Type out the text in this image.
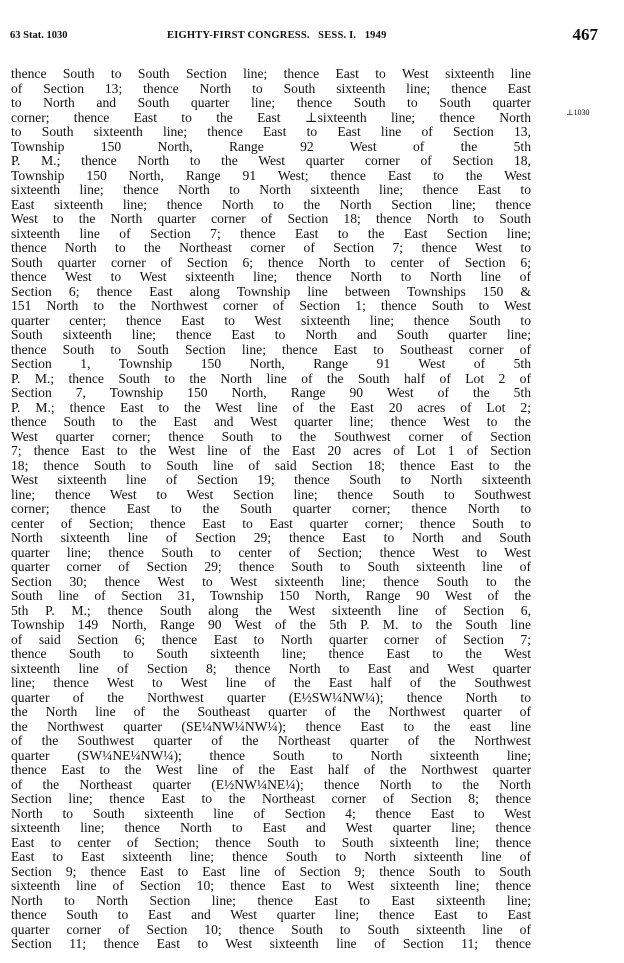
63 Stat. 1030	EIGHTY-FIRST CONGRESS.   SESS. I.   1949	467
⊥1030
thence South to South Section line; thence East to West sixteenth line
of Section 13; thence North to South sixteenth line; thence East
to North and South quarter line; thence South to South quarter
corner; thence East to the East ⊥sixteenth line; thence North
to South sixteenth line; thence East to East line of Section 13,
Township 150 North, Range 92 West of the 5th
P. M.; thence North to the West quarter corner of Section 18,
Township 150 North, Range 91 West; thence East to the West
sixteenth line; thence North to North sixteenth line; thence East to
East sixteenth line; thence North to the North Section line; thence
West to the North quarter corner of Section 18; thence North to South
sixteenth line of Section 7; thence East to the East Section line;
thence North to the Northeast corner of Section 7; thence West to
South quarter corner of Section 6; thence North to center of Section 6;
thence West to West sixteenth line; thence North to North line of
Section 6; thence East along Township line between Townships 150 &
151 North to the Northwest corner of Section 1; thence South to West
quarter center; thence East to West sixteenth line; thence South to
South sixteenth line; thence East to North and South quarter line;
thence South to South Section line; thence East to Southeast corner of
Section 1, Township 150 North, Range 91 West of 5th
P. M.; thence South to the North line of the South half of Lot 2 of
Section 7, Township 150 North, Range 90 West of the 5th
P. M.; thence East to the West line of the East 20 acres of Lot 2;
thence South to the East and West quarter line; thence West to the
West quarter corner; thence South to the Southwest corner of Section
7; thence East to the West line of the East 20 acres of Lot 1 of Section
18; thence South to South line of said Section 18; thence East to the
West sixteenth line of Section 19; thence South to North sixteenth
line; thence West to West Section line; thence South to Southwest
corner; thence East to the South quarter corner; thence North to
center of Section; thence East to East quarter corner; thence South to
North sixteenth line of Section 29; thence East to North and South
quarter line; thence South to center of Section; thence West to West
quarter corner of Section 29; thence South to South sixteenth line of
Section 30; thence West to West sixteenth line; thence South to the
South line of Section 31, Township 150 North, Range 90 West of the
5th P. M.; thence South along the West sixteenth line of Section 6,
Township 149 North, Range 90 West of the 5th P. M. to the South line
of said Section 6; thence East to North quarter corner of Section 7;
thence South to South sixteenth line; thence East to the West
sixteenth line of Section 8; thence North to East and West quarter
line; thence West to West line of the East half of the Southwest
quarter of the Northwest quarter (E½SW¼NW¼); thence North to
the North line of the Southeast quarter of the Northwest quarter of
the Northwest quarter (SE¼NW¼NW¼); thence East to the east line
of the Southwest quarter of the Northeast quarter of the Northwest
quarter (SW¼NE¼NW¼); thence South to North sixteenth line;
thence East to the West line of the East half of the Northwest quarter
of the Northeast quarter (E½NW¼NE¼); thence North to the North
Section line; thence East to the Northeast corner of Section 8; thence
North to South sixteenth line of Section 4; thence East to West
sixteenth line; thence North to East and West quarter line; thence
East to center of Section; thence South to South sixteenth line; thence
East to East sixteenth line; thence South to North sixteenth line of
Section 9; thence East to East line of Section 9; thence South to South
sixteenth line of Section 10; thence East to West sixteenth line; thence
North to North Section line; thence East to East sixteenth line;
thence South to East and West quarter line; thence East to East
quarter corner of Section 10; thence South to South sixteenth line of
Section 11; thence East to West sixteenth line of Section 11; thence
